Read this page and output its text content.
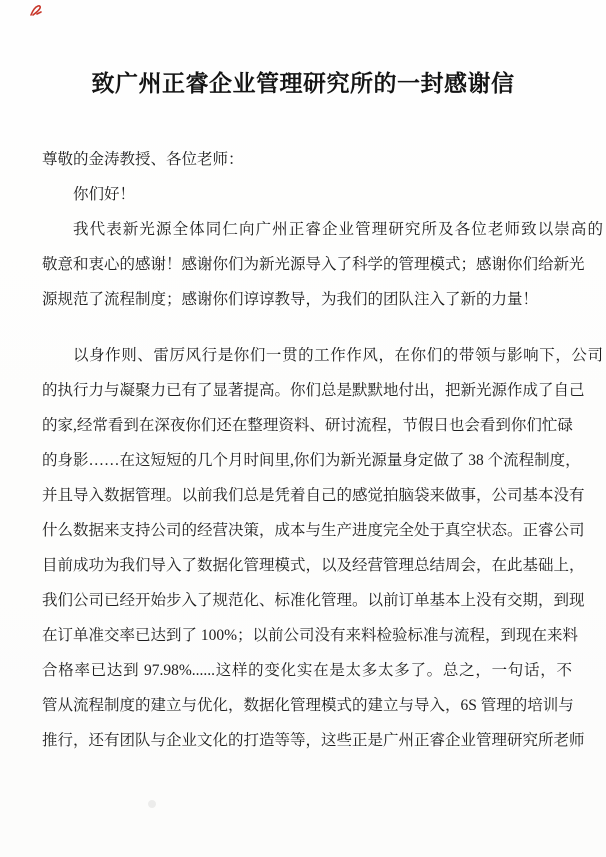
致广州正睿企业管理研究所的一封感谢信
尊敬的金涛教授、各位老师：
你们好！
我代表新光源全体同仁向广州正睿企业管理研究所及各位老师致以崇高的
敬意和衷心的感谢！感谢你们为新光源导入了科学的管理模式；感谢你们给新光
源规范了流程制度；感谢你们谆谆教导，为我们的团队注入了新的力量！
以身作则、雷厉风行是你们一贯的工作作风，在你们的带领与影响下，公司
的执行力与凝聚力已有了显著提高。你们总是默默地付出，把新光源作成了自己
的家,经常看到在深夜你们还在整理资料、研讨流程，节假日也会看到你们忙碌
的身影……在这短短的几个月时间里,你们为新光源量身定做了 38 个流程制度，
并且导入数据管理。以前我们总是凭着自己的感觉拍脑袋来做事，公司基本没有
什么数据来支持公司的经营决策，成本与生产进度完全处于真空状态。正睿公司
目前成功为我们导入了数据化管理模式，以及经营管理总结周会，在此基础上，
我们公司已经开始步入了规范化、标准化管理。以前订单基本上没有交期，到现
在订单准交率已达到了 100%；以前公司没有来料检验标准与流程，到现在来料
合格率已达到 97.98%......这样的变化实在是太多太多了。总之，一句话，不
管从流程制度的建立与优化，数据化管理模式的建立与导入，6S 管理的培训与
推行，还有团队与企业文化的打造等等，这些正是广州正睿企业管理研究所老师
